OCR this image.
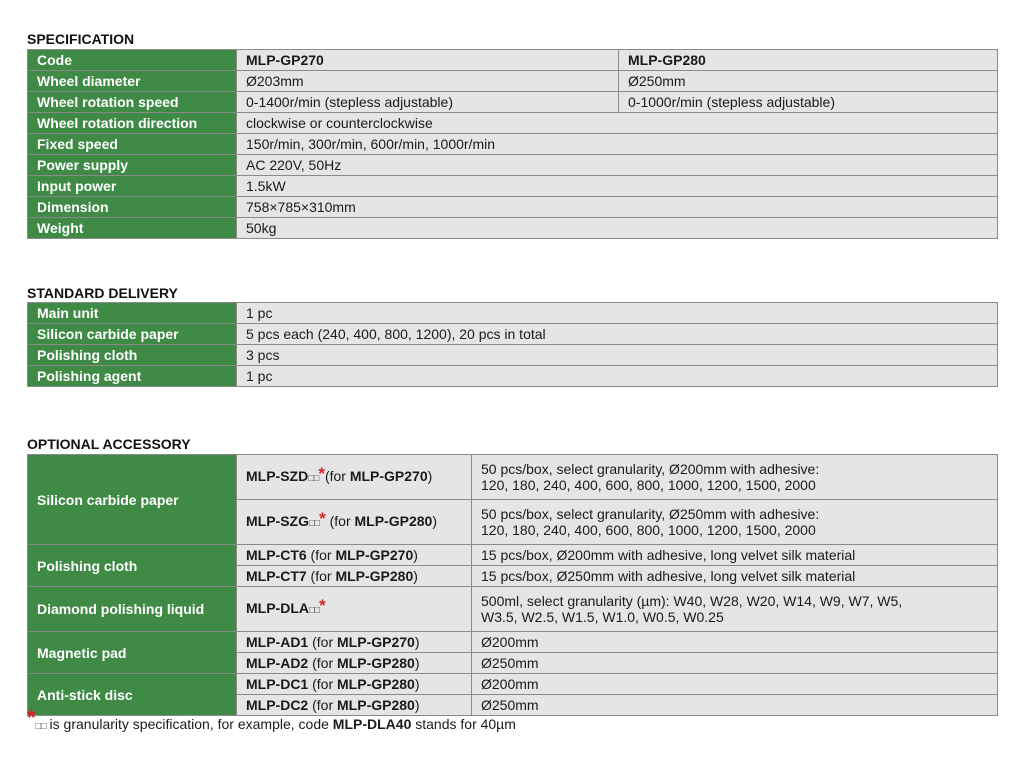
SPECIFICATION
Code	MLP-GP270	MLP-GP280
Wheel diameter	Ø203mm	Ø250mm
Wheel rotation speed	0-1400r/min (stepless adjustable)	0-1000r/min (stepless adjustable)
Wheel rotation direction	clockwise or counterclockwise	
Fixed speed	150r/min, 300r/min, 600r/min, 1000r/min	
Power supply	AC 220V, 50Hz	
Input power	1.5kW	
Dimension	758×785×310mm	
Weight	50kg	
STANDARD DELIVERY
Main unit	1 pc
Silicon carbide paper	5 pcs each (240, 400, 800, 1200), 20 pcs in total
Polishing cloth	3 pcs
Polishing agent	1 pc
OPTIONAL ACCESSORY
Silicon carbide paper	MLP-SZD□□*(for MLP-GP270)	50 pcs/box, select granularity, Ø200mm with adhesive:
120, 180, 240, 400, 600, 800, 1000, 1200, 1500, 2000

	MLP-SZG□□* (for MLP-GP280)	50 pcs/box, select granularity, Ø250mm with adhesive:
120, 180, 240, 400, 600, 800, 1000, 1200, 1500, 2000

Polishing cloth	MLP-CT6 (for MLP-GP270)	15 pcs/box, Ø200mm with adhesive, long velvet silk material
	MLP-CT7 (for MLP-GP280)	15 pcs/box, Ø250mm with adhesive, long velvet silk material
Diamond polishing liquid	MLP-DLA□□*	500ml, select granularity (µm): W40, W28, W20, W14, W9, W7, W5,
W3.5, W2.5, W1.5, W1.0, W0.5, W0.25

Magnetic pad	MLP-AD1 (for MLP-GP270)	Ø200mm
	MLP-AD2 (for MLP-GP280)	Ø250mm
Anti-stick disc	MLP-DC1 (for MLP-GP280)	Ø200mm
	MLP-DC2 (for MLP-GP280)	Ø250mm
*□□ is granularity specification, for example, code MLP-DLA40 stands for 40µm
